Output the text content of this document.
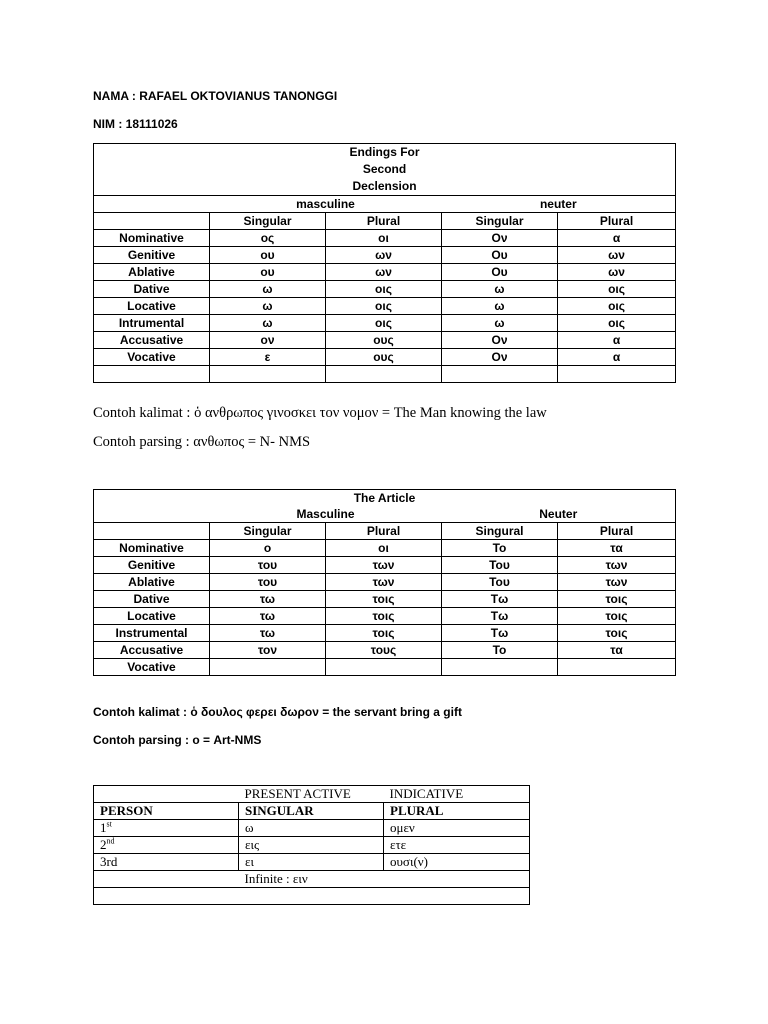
NAMA : RAFAEL OKTOVIANUS TANONGGI
NIM : 18111026
Endings For
Second
Declension				

	masculine		neuter	
	Singular	Plural	Singular	Plural
Nominative	ος	οι	Ον	α
Genitive	ου	ων	Ου	ων
Ablative	ου	ων	Ου	ων
Dative	ω	οις	ω	οις
Locative	ω	οις	ω	οις
Intrumental	ω	οις	ω	οις
Accusative	ον	ους	Ον	α
Vocative	ε	ους	Ον	α

Contoh kalimat : ὁ ανθρωπος γινοσκει τον νομον = The Man knowing the law
Contoh parsing : ανθωπος = N- NMS
The Article				
	Masculine		Neuter	
	Singular	Plural	Singural	Plural
Nominative	ο	οι	Το	τα
Genitive	του	των	Του	των
Ablative	του	των	Του	των
Dative	τω	τοις	Τω	τοις
Locative	τω	τοις	Τω	τοις
Instrumental	τω	τοις	Τω	τοις
Accusative	τον	τους	Το	τα
Vocative				
Contoh kalimat : ὁ δουλος φερει δωρον = the servant bring a gift
Contoh parsing : ο = Art-NMS
	PRESENT ACTIVE	INDICATIVE
PERSON	SINGULAR	PLURAL
1st	ω	ομεν
2nd	εις	ετε
3rd	ει	ουσι(ν)
	Infinite : ειν	
